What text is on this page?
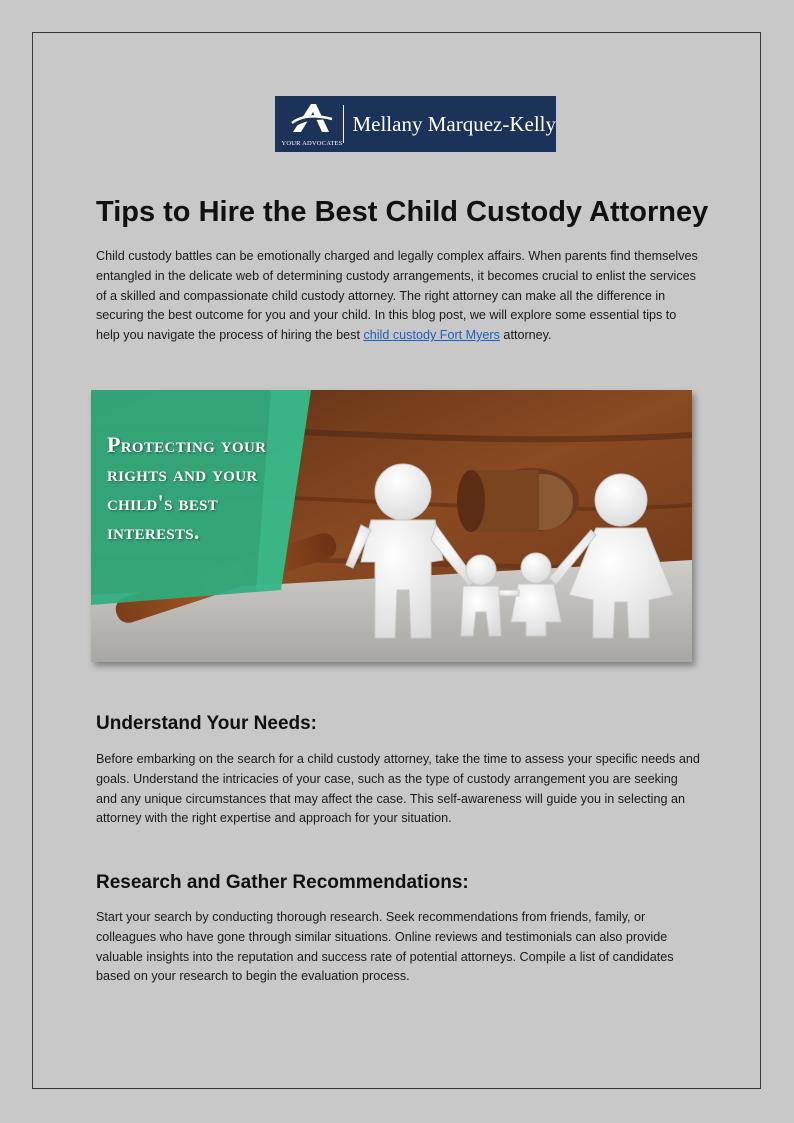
YOUR ADVOCATES
Mellany Marquez-Kelly
Tips to Hire the Best Child Custody Attorney

Child custody battles can be emotionally charged and legally complex affairs. When parents find themselves entangled in the delicate web of determining custody arrangements, it becomes crucial to enlist the services of a skilled and compassionate child custody attorney. The right attorney can make all the difference in securing the best outcome for you and your child. In this blog post, we will explore some essential tips to help you navigate the process of hiring the best child custody Fort Myers attorney.

Protecting your rights and your child's best interests.
Understand Your Needs:

Before embarking on the search for a child custody attorney, take the time to assess your specific needs and goals. Understand the intricacies of your case, such as the type of custody arrangement you are seeking and any unique circumstances that may affect the case. This self-awareness will guide you in selecting an attorney with the right expertise and approach for your situation.

Research and Gather Recommendations:

Start your search by conducting thorough research. Seek recommendations from friends, family, or colleagues who have gone through similar situations. Online reviews and testimonials can also provide valuable insights into the reputation and success rate of potential attorneys. Compile a list of candidates based on your research to begin the evaluation process.
